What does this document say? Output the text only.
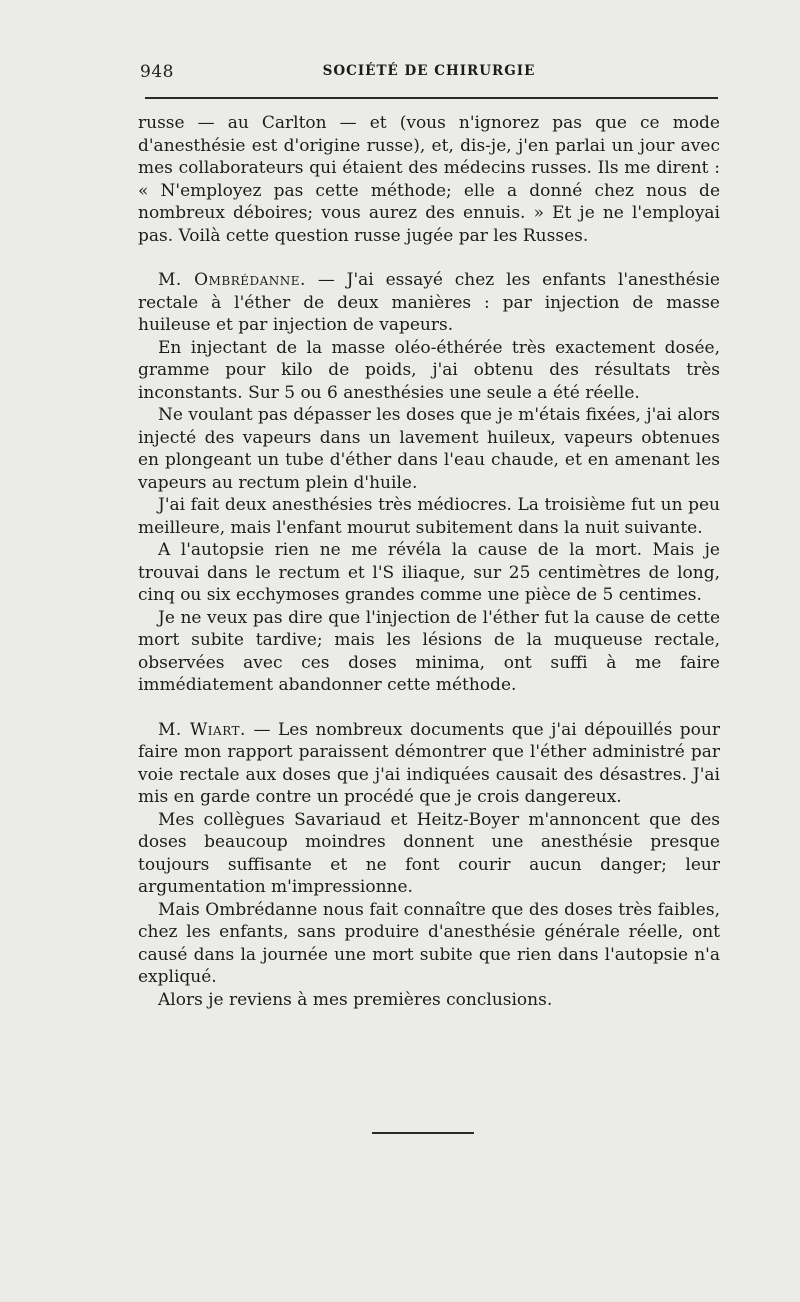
948	SOCIÉTÉ DE CHIRURGIE

russe — au Carlton — et (vous n'ignorez pas que ce mode d'anesthésie est d'origine russe), et, dis-je, j'en parlai un jour avec mes collaborateurs qui étaient des médecins russes. Ils me dirent : « N'employez pas cette méthode; elle a donné chez nous de nombreux déboires; vous aurez des ennuis. » Et je ne l'employai pas. Voilà cette question russe jugée par les Russes.

M. Ombrédanne. — J'ai essayé chez les enfants l'anesthésie rectale à l'éther de deux manières : par injection de masse huileuse et par injection de vapeurs.

En injectant de la masse oléo-éthérée très exactement dosée, gramme pour kilo de poids, j'ai obtenu des résultats très inconstants. Sur 5 ou 6 anesthésies une seule a été réelle.

Ne voulant pas dépasser les doses que je m'étais fixées, j'ai alors injecté des vapeurs dans un lavement huileux, vapeurs obtenues en plongeant un tube d'éther dans l'eau chaude, et en amenant les vapeurs au rectum plein d'huile.

J'ai fait deux anesthésies très médiocres. La troisième fut un peu meilleure, mais l'enfant mourut subitement dans la nuit suivante.

A l'autopsie rien ne me révéla la cause de la mort. Mais je trouvai dans le rectum et l'S iliaque, sur 25 centimètres de long, cinq ou six ecchymoses grandes comme une pièce de 5 centimes.

Je ne veux pas dire que l'injection de l'éther fut la cause de cette mort subite tardive; mais les lésions de la muqueuse rectale, observées avec ces doses minima, ont suffi à me faire immédiatement abandonner cette méthode.

M. Wiart. — Les nombreux documents que j'ai dépouillés pour faire mon rapport paraissent démontrer que l'éther administré par voie rectale aux doses que j'ai indiquées causait des désastres. J'ai mis en garde contre un procédé que je crois dangereux.

Mes collègues Savariaud et Heitz-Boyer m'annoncent que des doses beaucoup moindres donnent une anesthésie presque toujours suffisante et ne font courir aucun danger; leur argumentation m'impressionne.

Mais Ombrédanne nous fait connaître que des doses très faibles, chez les enfants, sans produire d'anesthésie générale réelle, ont causé dans la journée une mort subite que rien dans l'autopsie n'a expliqué.

Alors je reviens à mes premières conclusions.
